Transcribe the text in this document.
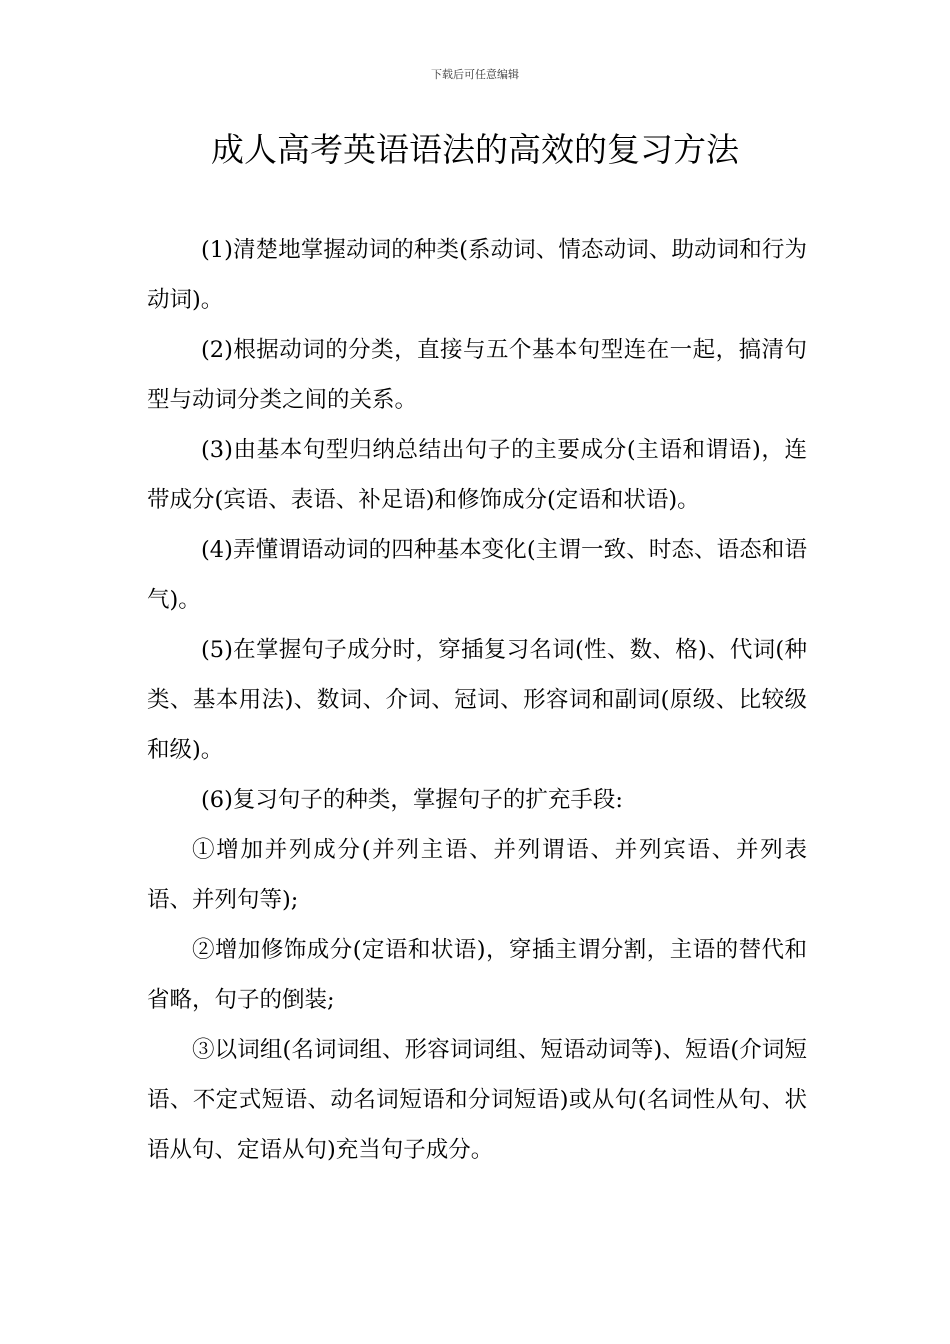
下载后可任意编辑
成人高考英语语法的高效的复习方法

(1)清楚地掌握动词的种类(系动词、情态动词、助动词和行为动词)。

(2)根据动词的分类，直接与五个基本句型连在一起，搞清句型与动词分类之间的关系。

(3)由基本句型归纳总结出句子的主要成分(主语和谓语)，连带成分(宾语、表语、补足语)和修饰成分(定语和状语)。

(4)弄懂谓语动词的四种基本变化(主谓一致、时态、语态和语气)。

(5)在掌握句子成分时，穿插复习名词(性、数、格)、代词(种类、基本用法)、数词、介词、冠词、形容词和副词(原级、比较级和级)。

(6)复习句子的种类，掌握句子的扩充手段:

①增加并列成分(并列主语、并列谓语、并列宾语、并列表语、并列句等);

②增加修饰成分(定语和状语)，穿插主谓分割，主语的替代和省略，句子的倒装;

③以词组(名词词组、形容词词组、短语动词等)、短语(介词短语、不定式短语、动名词短语和分词短语)或从句(名词性从句、状语从句、定语从句)充当句子成分。
